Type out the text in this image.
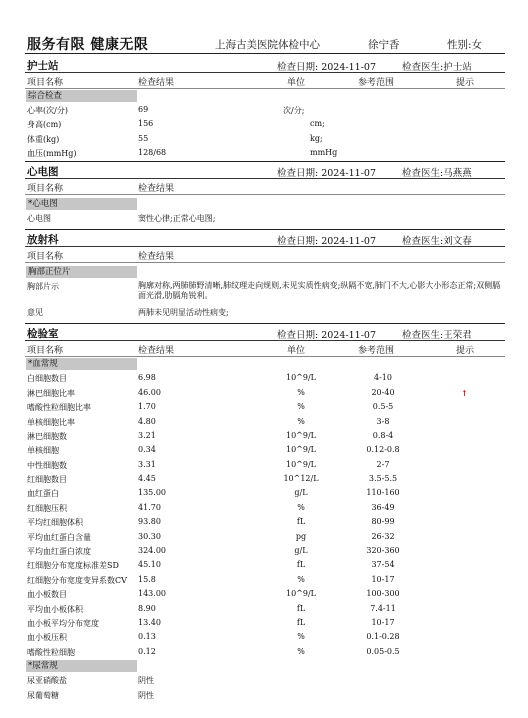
服务有限 健康无限	上海古美医院体检中心	徐宁香	性别:女
护士站	检查日期: 2024-11-07	检查医生:护士站
项目名称	检查结果	单位	参考范围	提示
综合检查
心率(次/分)	69	次/分;
身高(cm)	156	cm;
体重(kg)	55	kg;
血压(mmHg)	128/68	mmHg
心电图	检查日期: 2024-11-07	检查医生:马燕燕
项目名称	检查结果
*心电图
心电图	窦性心律;正常心电图;
放射科	检查日期: 2024-11-07	检查医生:刘文春
项目名称	检查结果
胸部正位片
胸部片示	胸廓对称,两肺肺野清晰,肺纹理走向规则,未见实质性病变;纵隔不宽,肺门不大,心影大小形态正常;双侧膈面光滑,肋膈角锐利。
意见	两肺未见明显活动性病变;
检验室	检查日期: 2024-11-07	检查医生:王荣君
项目名称	检查结果	单位	参考范围	提示
*血常规
白细胞数目	6.98	10^9/L	4-10
淋巴细胞比率	46.00	%	20-40	↑
嗜酸性粒细胞比率	1.70	%	0.5-5
单核细胞比率	4.80	%	3-8
淋巴细胞数	3.21	10^9/L	0.8-4
单核细胞	0.34	10^9/L	0.12-0.8
中性细胞数	3.31	10^9/L	2-7
红细胞数目	4.45	10^12/L	3.5-5.5
血红蛋白	135.00	g/L	110-160
红细胞压积	41.70	%	36-49
平均红细胞体积	93.80	fL	80-99
平均血红蛋白含量	30.30	pg	26-32
平均血红蛋白浓度	324.00	g/L	320-360
红细胞分布宽度标准差SD 45.10	fL	37-54
红细胞分布宽度变异系数CV 15.8	%	10-17
血小板数目	143.00	10^9/L	100-300
平均血小板体积	8.90	fL	7.4-11
血小板平均分布宽度	13.40	fL	10-17
血小板压积	0.13	%	0.1-0.28
嗜酸性粒细胞	0.12	%	0.05-0.5
*尿常规
尿亚硝酸盐	阴性
尿葡萄糖	阴性
